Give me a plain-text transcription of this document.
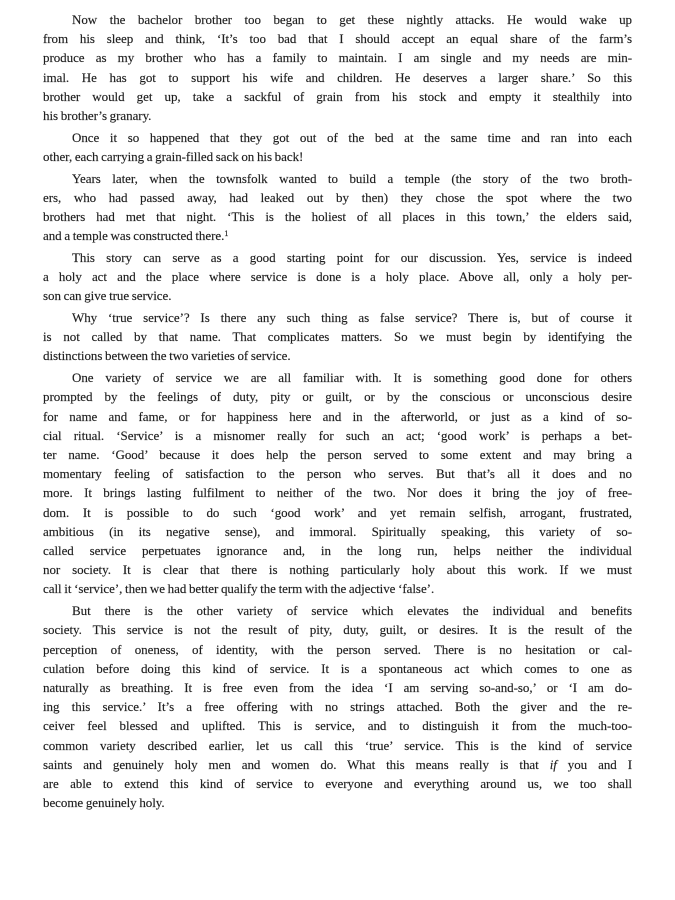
Now the bachelor brother too began to get these nightly attacks. He would wake up
from his sleep and think, ‘It’s too bad that I should accept an equal share of the farm’s
produce as my brother who has a family to maintain. I am single and my needs are min-
imal. He has got to support his wife and children. He deserves a larger share.’ So this
brother would get up, take a sackful of grain from his stock and empty it stealthily into
his brother’s granary.

Once it so happened that they got out of the bed at the same time and ran into each
other, each carrying a grain-filled sack on his back!

Years later, when the townsfolk wanted to build a temple (the story of the two broth-
ers, who had passed away, had leaked out by then) they chose the spot where the two
brothers had met that night. ‘This is the holiest of all places in this town,’ the elders said,
and a temple was constructed there.$^1$

This story can serve as a good starting point for our discussion. Yes, service is indeed
a holy act and the place where service is done is a holy place. Above all, only a holy per-
son can give true service.

Why ‘true service’? Is there any such thing as false service? There is, but of course it
is not called by that name. That complicates matters. So we must begin by identifying the
distinctions between the two varieties of service.

One variety of service we are all familiar with. It is something good done for others
prompted by the feelings of duty, pity or guilt, or by the conscious or unconscious desire
for name and fame, or for happiness here and in the afterworld, or just as a kind of so-
cial ritual. ‘Service’ is a misnomer really for such an act; ‘good work’ is perhaps a bet-
ter name. ‘Good’ because it does help the person served to some extent and may bring a
momentary feeling of satisfaction to the person who serves. But that’s all it does and no
more. It brings lasting fulfilment to neither of the two. Nor does it bring the joy of free-
dom. It is possible to do such ‘good work’ and yet remain selfish, arrogant, frustrated,
ambitious (in its negative sense), and immoral. Spiritually speaking, this variety of so-
called service perpetuates ignorance and, in the long run, helps neither the individual
nor society. It is clear that there is nothing particularly holy about this work. If we must
call it ‘service’, then we had better qualify the term with the adjective ‘false’.

But there is the other variety of service which elevates the individual and benefits
society. This service is not the result of pity, duty, guilt, or desires. It is the result of the
perception of oneness, of identity, with the person served. There is no hesitation or cal-
culation before doing this kind of service. It is a spontaneous act which comes to one as
naturally as breathing. It is free even from the idea ‘I am serving so-and-so,’ or ‘I am do-
ing this service.’ It’s a free offering with no strings attached. Both the giver and the re-
ceiver feel blessed and uplifted. This is service, and to distinguish it from the much-too-
common variety described earlier, let us call this ‘true’ service. This is the kind of service
saints and genuinely holy men and women do. What this means really is that if you and I
are able to extend this kind of service to everyone and everything around us, we too shall
become genuinely holy.
